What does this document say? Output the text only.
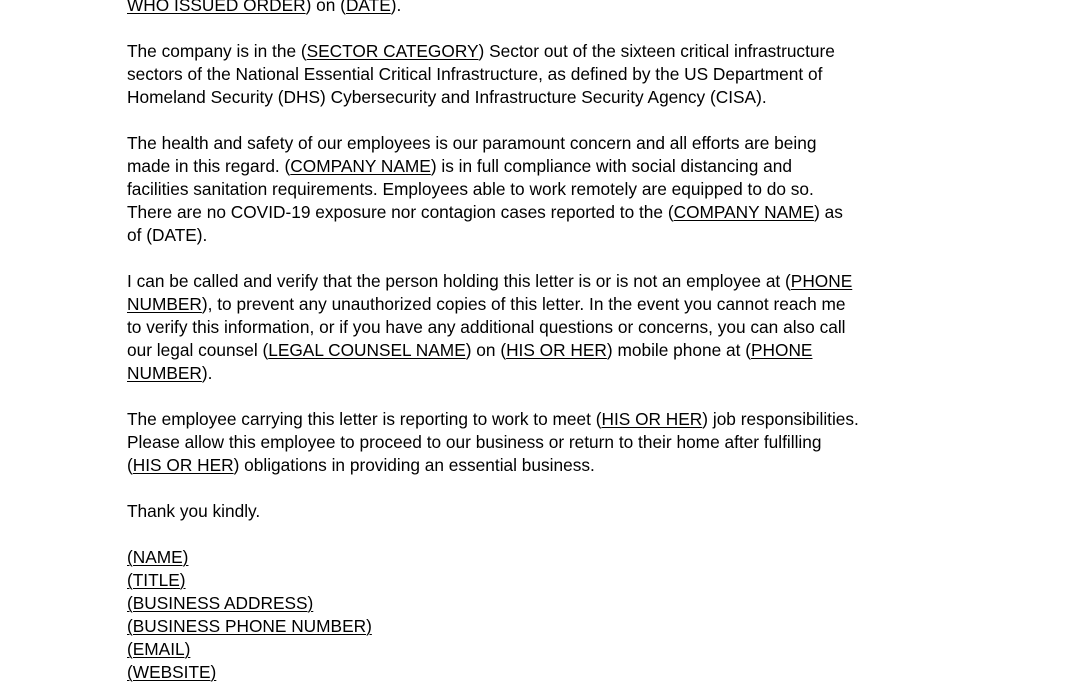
WHO ISSUED ORDER) on (DATE).

The company is in the (SECTOR CATEGORY) Sector out of the sixteen critical infrastructure
sectors of the National Essential Critical Infrastructure, as defined by the US Department of
Homeland Security (DHS) Cybersecurity and Infrastructure Security Agency (CISA).

The health and safety of our employees is our paramount concern and all efforts are being
made in this regard. (COMPANY NAME) is in full compliance with social distancing and
facilities sanitation requirements. Employees able to work remotely are equipped to do so.
There are no COVID-19 exposure nor contagion cases reported to the (COMPANY NAME) as
of (DATE).

I can be called and verify that the person holding this letter is or is not an employee at (PHONE
NUMBER), to prevent any unauthorized copies of this letter. In the event you cannot reach me
to verify this information, or if you have any additional questions or concerns, you can also call
our legal counsel (LEGAL COUNSEL NAME) on (HIS OR HER) mobile phone at (PHONE
NUMBER).

The employee carrying this letter is reporting to work to meet (HIS OR HER) job responsibilities.
Please allow this employee to proceed to our business or return to their home after fulfilling
(HIS OR HER) obligations in providing an essential business.

Thank you kindly.

(NAME)
(TITLE)
(BUSINESS ADDRESS)
(BUSINESS PHONE NUMBER)
(EMAIL)
(WEBSITE)
